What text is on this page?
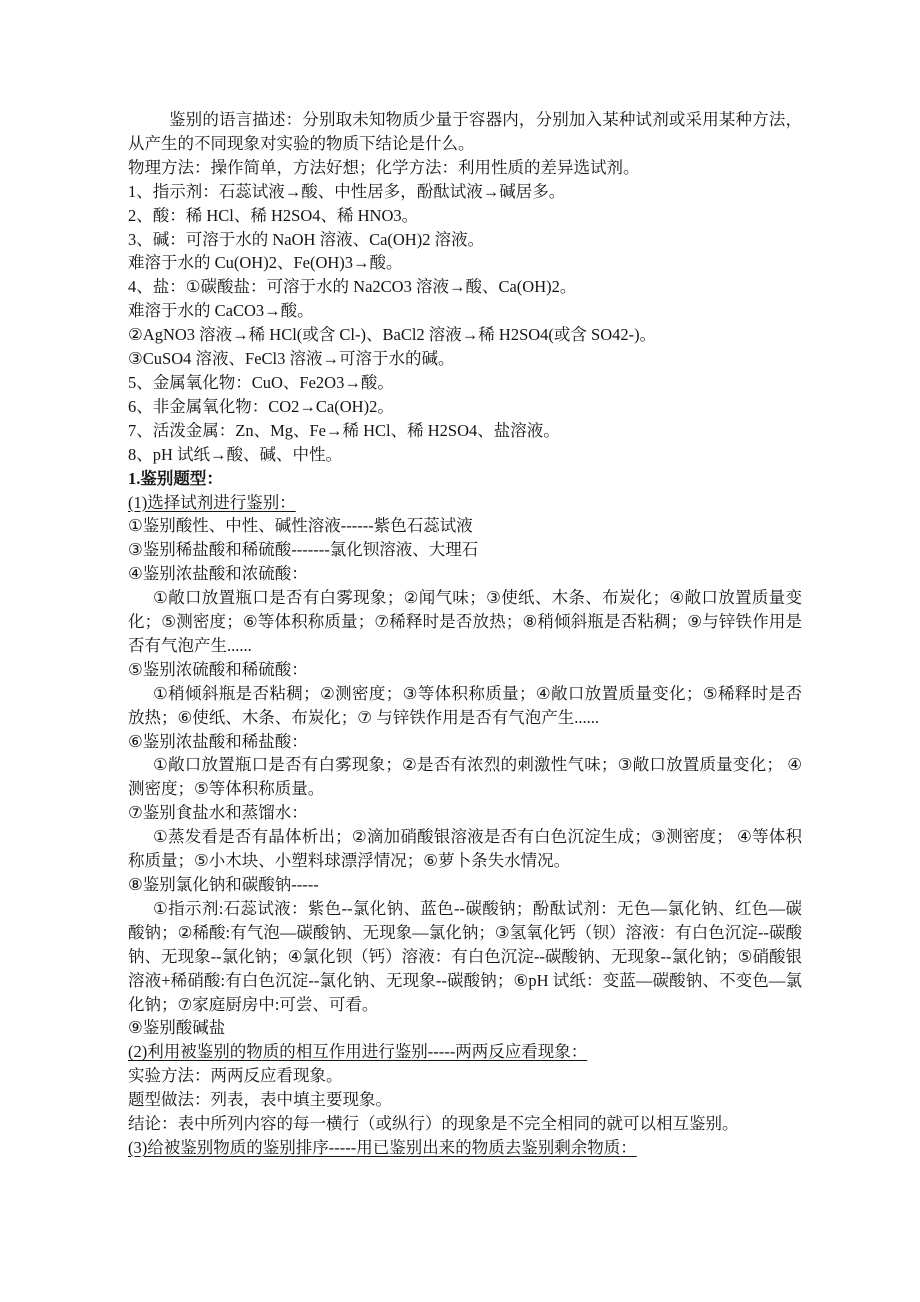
鉴别的语言描述：分别取未知物质少量于容器内，分别加入某种试剂或采用某种方法，从产生的不同现象对实验的物质下结论是什么。

物理方法：操作简单，方法好想；化学方法：利用性质的差异选试剂。

1、指示剂：石蕊试液→酸、中性居多，酚酞试液→碱居多。

2、酸：稀 HCl、稀 H2SO4、稀 HNO3。

3、碱：可溶于水的 NaOH 溶液、Ca(OH)2 溶液。

难溶于水的 Cu(OH)2、Fe(OH)3→酸。

4、盐：①碳酸盐：可溶于水的 Na2CO3 溶液→酸、Ca(OH)2。

难溶于水的 CaCO3→酸。

②AgNO3 溶液→稀 HCl(或含 Cl-)、BaCl2 溶液→稀 H2SO4(或含 SO42-)。

③CuSO4 溶液、FeCl3 溶液→可溶于水的碱。

5、金属氧化物：CuO、Fe2O3→酸。

6、非金属氧化物：CO2→Ca(OH)2。

7、活泼金属：Zn、Mg、Fe→稀 HCl、稀 H2SO4、盐溶液。

8、pH 试纸→酸、碱、中性。

1.鉴别题型：

(1)选择试剂进行鉴别：

①鉴别酸性、中性、碱性溶液------紫色石蕊试液

③鉴别稀盐酸和稀硫酸-------氯化钡溶液、大理石

④鉴别浓盐酸和浓硫酸：

①敞口放置瓶口是否有白雾现象；②闻气味；③使纸、木条、布炭化；④敞口放置质量变化；⑤测密度；⑥等体积称质量；⑦稀释时是否放热；⑧稍倾斜瓶是否粘稠；⑨与锌铁作用是否有气泡产生......

⑤鉴别浓硫酸和稀硫酸：

①稍倾斜瓶是否粘稠；②测密度；③等体积称质量；④敞口放置质量变化；⑤稀释时是否放热；⑥使纸、木条、布炭化；⑦ 与锌铁作用是否有气泡产生......

⑥鉴别浓盐酸和稀盐酸：

①敞口放置瓶口是否有白雾现象；②是否有浓烈的刺激性气味；③敞口放置质量变化； ④测密度；⑤等体积称质量。

⑦鉴别食盐水和蒸馏水：

①蒸发看是否有晶体析出；②滴加硝酸银溶液是否有白色沉淀生成；③测密度； ④等体积称质量；⑤小木块、小塑料球漂浮情况；⑥萝卜条失水情况。

⑧鉴别氯化钠和碳酸钠-----

①指示剂:石蕊试液：紫色--氯化钠、蓝色--碳酸钠；酚酞试剂：无色—氯化钠、红色—碳酸钠；②稀酸:有气泡—碳酸钠、无现象—氯化钠；③氢氧化钙（钡）溶液：有白色沉淀--碳酸钠、无现象--氯化钠；④氯化钡（钙）溶液：有白色沉淀--碳酸钠、无现象--氯化钠；⑤硝酸银溶液+稀硝酸:有白色沉淀--氯化钠、无现象--碳酸钠；⑥pH 试纸：变蓝—碳酸钠、不变色—氯化钠；⑦家庭厨房中:可尝、可看。

⑨鉴别酸碱盐

(2)利用被鉴别的物质的相互作用进行鉴别-----两两反应看现象：

实验方法：两两反应看现象。

题型做法：列表，表中填主要现象。

结论：表中所列内容的每一横行（或纵行）的现象是不完全相同的就可以相互鉴别。

(3)给被鉴别物质的鉴别排序-----用已鉴别出来的物质去鉴别剩余物质：
